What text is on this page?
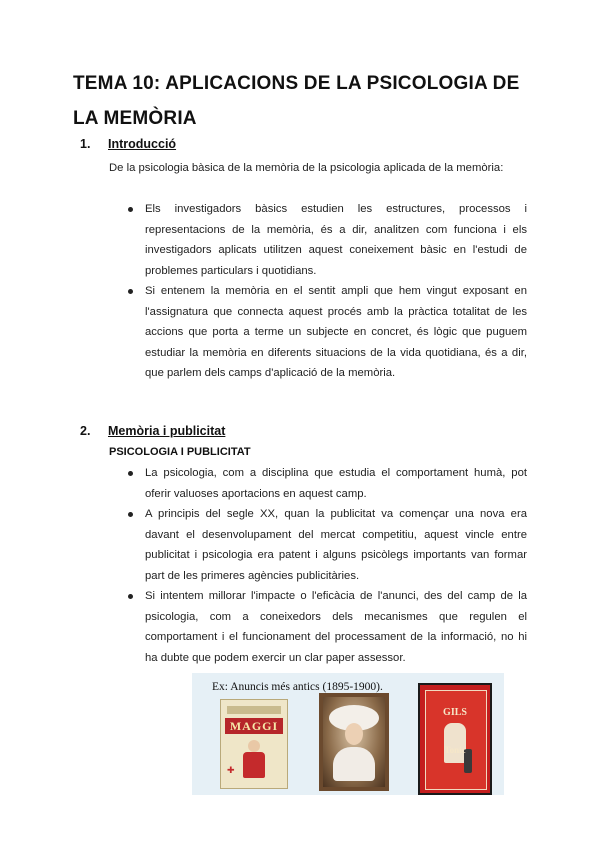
TEMA 10: APLICACIONS DE LA PSICOLOGIA DE LA MEMÒRIA
1. Introducció

De la psicologia bàsica de la memòria de la psicologia aplicada de la memòria:

Els investigadors bàsics estudien les estructures, processos i representacions de la memòria, és a dir, analitzen com funciona i els investigadors aplicats utilitzen aquest coneixement bàsic en l'estudi de problemes particulars i quotidians.
Si entenem la memòria en el sentit ampli que hem vingut exposant en l'assignatura que connecta aquest procés amb la pràctica totalitat de les accions que porta a terme un subjecte en concret, és lògic que puguem estudiar la memòria en diferents situacions de la vida quotidiana, és a dir, que parlem dels camps d'aplicació de la memòria.
2. Memòria i publicitat
PSICOLOGIA I PUBLICITAT
La psicologia, com a disciplina que estudia el comportament humà, pot oferir valuoses aportacions en aquest camp.
A principis del segle XX, quan la publicitat va començar una nova era davant el desenvolupament del mercat competitiu, aquest vincle entre publicitat i psicologia era patent i alguns psicòlegs importants van formar part de les primeres agències publicitàries.
Si intentem millorar l'impacte o l'eficàcia de l'anunci, des del camp de la psicologia, com a coneixedors dels mecanismes que regulen el comportament i el funcionament del processament de la informació, no hi ha dubte que podem exercir un clar paper assessor.
Ex: Anuncis més antics (1895-1900).
MAGGI
✚
GILS
Tonic
